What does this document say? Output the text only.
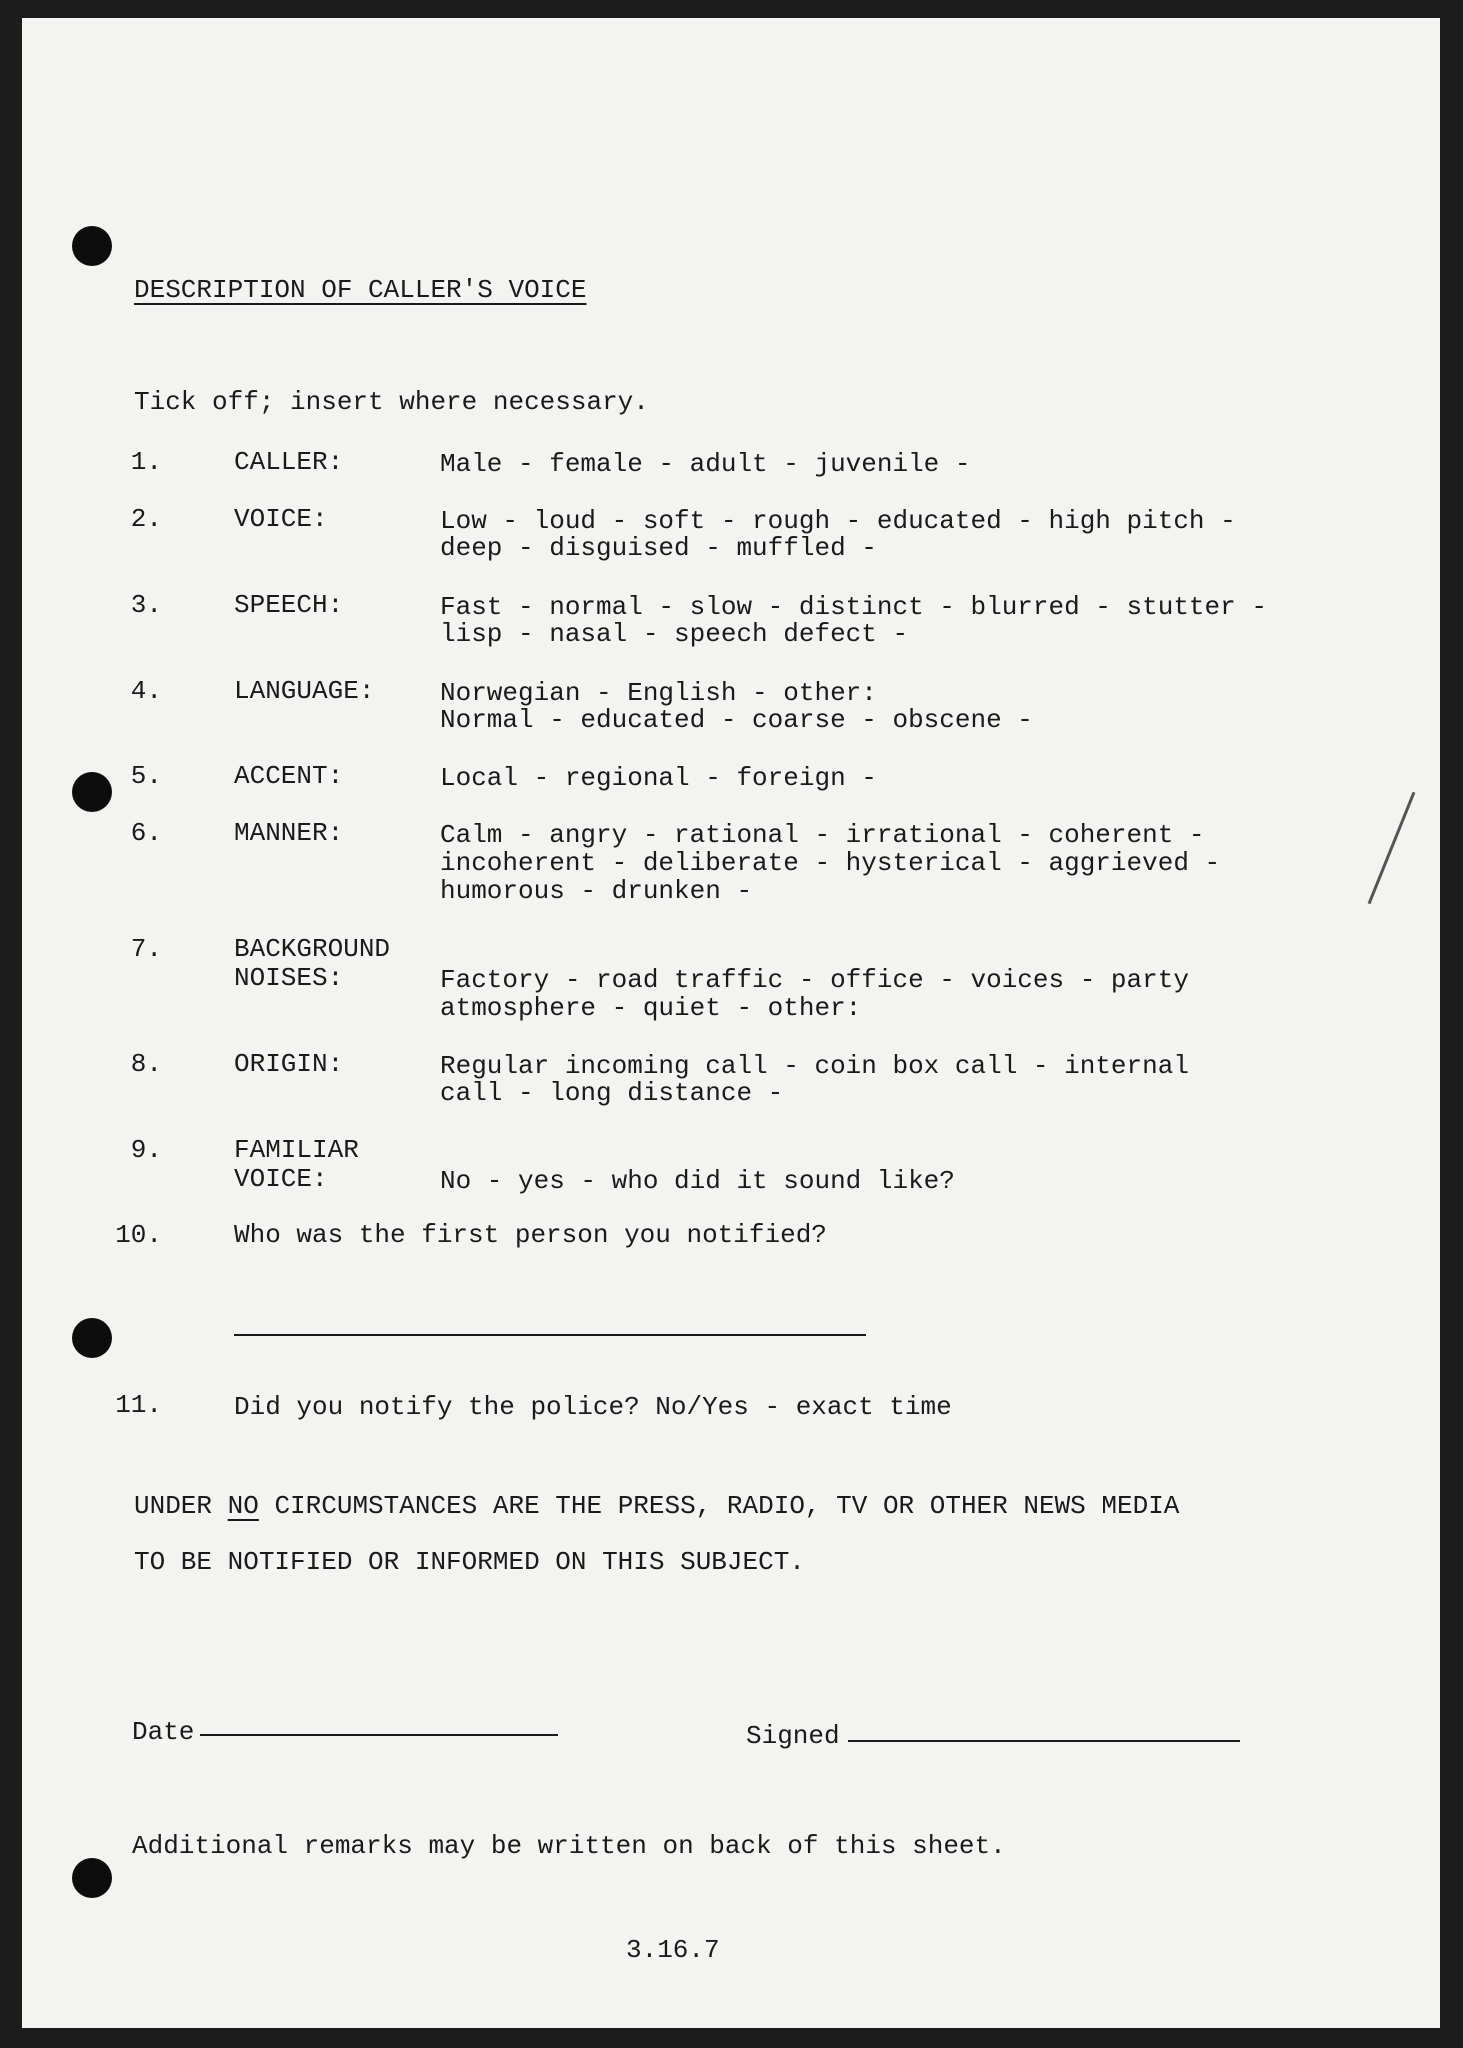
DESCRIPTION OF CALLER'S VOICE
Tick off; insert where necessary.
1.	CALLER:	Male - female - adult - juvenile -
2.	VOICE:	Low - loud - soft - rough - educated - high pitch -
deep - disguised - muffled -
3.	SPEECH:	Fast - normal - slow - distinct - blurred - stutter -
lisp - nasal - speech defect -
4.	LANGUAGE:	Norwegian - English - other:
Normal - educated - coarse - obscene -
5.	ACCENT:	Local - regional - foreign -
6.	MANNER:	Calm - angry - rational - irrational - coherent -
incoherent - deliberate - hysterical - aggrieved -
humorous - drunken -
7.	BACKGROUND
NOISES:	Factory - road traffic - office - voices - party
atmosphere - quiet - other:
8.	ORIGIN:	Regular incoming call - coin box call - internal
call - long distance -
9.	FAMILIAR
VOICE:	No - yes - who did it sound like?
10.	Who was the first person you notified?
11.	Did you notify the police? No/Yes - exact time
UNDER NO CIRCUMSTANCES ARE THE PRESS, RADIO, TV OR OTHER NEWS MEDIA
TO BE NOTIFIED OR INFORMED ON THIS SUBJECT.
Date	Signed
Additional remarks may be written on back of this sheet.
3.16.7
